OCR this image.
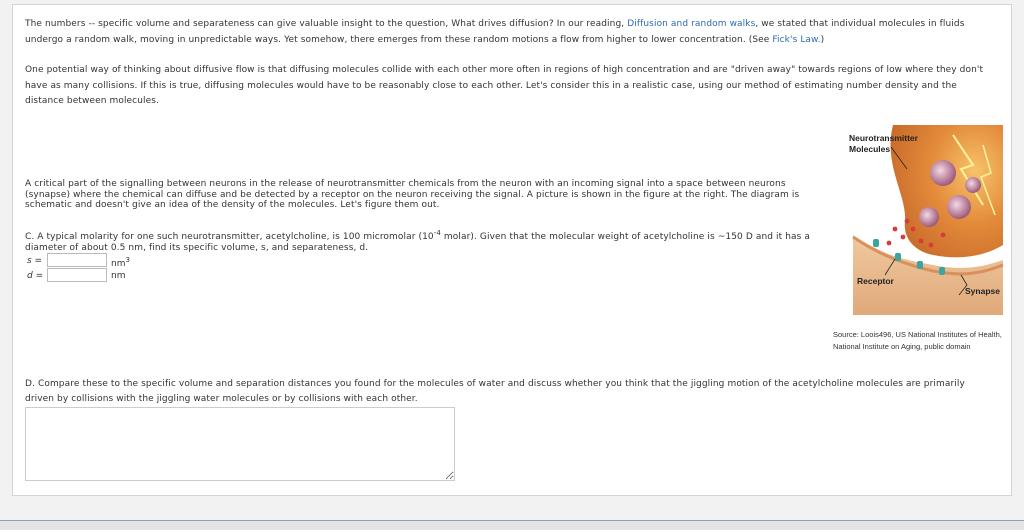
The numbers -- specific volume and separateness can give valuable insight to the question, What drives diffusion? In our reading, Diffusion and random walks, we stated that individual molecules in fluids undergo a random walk, moving in unpredictable ways. Yet somehow, there emerges from these random motions a flow from higher to lower concentration. (See Fick's Law.)
One potential way of thinking about diffusive flow is that diffusing molecules collide with each other more often in regions of high concentration and are "driven away" towards regions of low where they don't have as many collisions. If this is true, diffusing molecules would have to be reasonably close to each other. Let's consider this in a realistic case, using our method of estimating number density and the distance between molecules.
A critical part of the signalling between neurons in the release of neurotransmitter chemicals from the neuron with an incoming signal into a space between neurons (synapse) where the chemical can diffuse and be detected by a receptor on the neuron receiving the signal. A picture is shown in the figure at the right. The diagram is schematic and doesn't give an idea of the density of the molecules. Let's figure them out.
C. A typical molarity for one such neurotransmitter, acetylcholine, is 100 micromolar ($10^{-4}$ molar). Given that the molecular weight of acetylcholine is ~150 D and it has a diameter of about 0.5 nm, find its specific volume, s, and separateness, d.
s =	$nm^3$
d =	nm
Neurotransmitter Molecules
Receptor
Synapse
Source: Loois496, US National Institutes of Health, National Institute on Aging, public domain
D. Compare these to the specific volume and separation distances you found for the molecules of water and discuss whether you think that the jiggling motion of the acetylcholine molecules are primarily driven by collisions with the jiggling water molecules or by collisions with each other.
